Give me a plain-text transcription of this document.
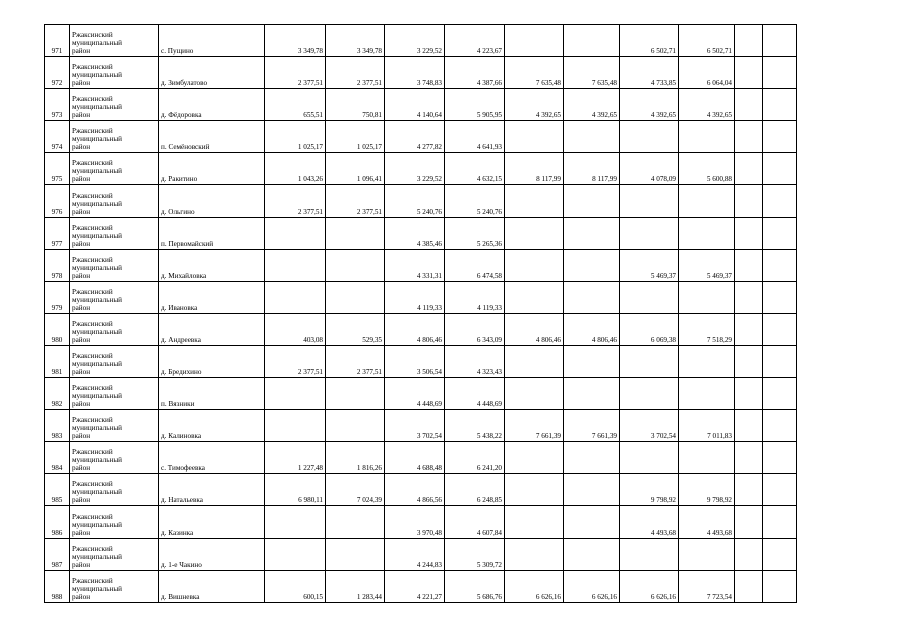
971	Ржаксинский
муниципальный
район	с. Пущино	3 349,78	3 349,78	3 229,52	4 223,67			6 502,71	6 502,71		
972	Ржаксинский
муниципальный
район	д. Зимбулатово	2 377,51	2 377,51	3 748,83	4 387,66	7 635,48	7 635,48	4 733,85	6 064,04		
973	Ржаксинский
муниципальный
район	д. Фёдоровка	655,51	750,81	4 140,64	5 905,95	4 392,65	4 392,65	4 392,65	4 392,65		
974	Ржаксинский
муниципальный
район	п. Семёновский	1 025,17	1 025,17	4 277,82	4 641,93						
975	Ржаксинский
муниципальный
район	д. Ракитино	1 043,26	1 096,41	3 229,52	4 632,15	8 117,99	8 117,99	4 078,09	5 600,88		
976	Ржаксинский
муниципальный
район	д. Ольгино	2 377,51	2 377,51	5 240,76	5 240,76						
977	Ржаксинский
муниципальный
район	п. Первомайский			4 385,46	5 265,36						
978	Ржаксинский
муниципальный
район	д. Михайловка			4 331,31	6 474,58			5 469,37	5 469,37		
979	Ржаксинский
муниципальный
район	д. Ивановка			4 119,33	4 119,33						
980	Ржаксинский
муниципальный
район	д. Андреевка	403,08	529,35	4 806,46	6 343,09	4 806,46	4 806,46	6 069,38	7 518,29		
981	Ржаксинский
муниципальный
район	д. Бредихино	2 377,51	2 377,51	3 506,54	4 323,43						
982	Ржаксинский
муниципальный
район	п. Вязники			4 448,69	4 448,69						
983	Ржаксинский
муниципальный
район	д. Калиновка			3 702,54	5 438,22	7 661,39	7 661,39	3 702,54	7 011,83		
984	Ржаксинский
муниципальный
район	с. Тимофеевка	1 227,48	1 816,26	4 688,48	6 241,20						
985	Ржаксинский
муниципальный
район	д. Натальевка	6 980,11	7 024,39	4 866,56	6 248,85			9 798,92	9 798,92		
986	Ржаксинский
муниципальный
район	д. Казинка			3 970,48	4 607,84			4 493,68	4 493,68		
987	Ржаксинский
муниципальный
район	д. 1-е Чакино			4 244,83	5 309,72						
988	Ржаксинский
муниципальный
район	д. Вишневка	600,15	1 283,44	4 221,27	5 686,76	6 626,16	6 626,16	6 626,16	7 723,54		
